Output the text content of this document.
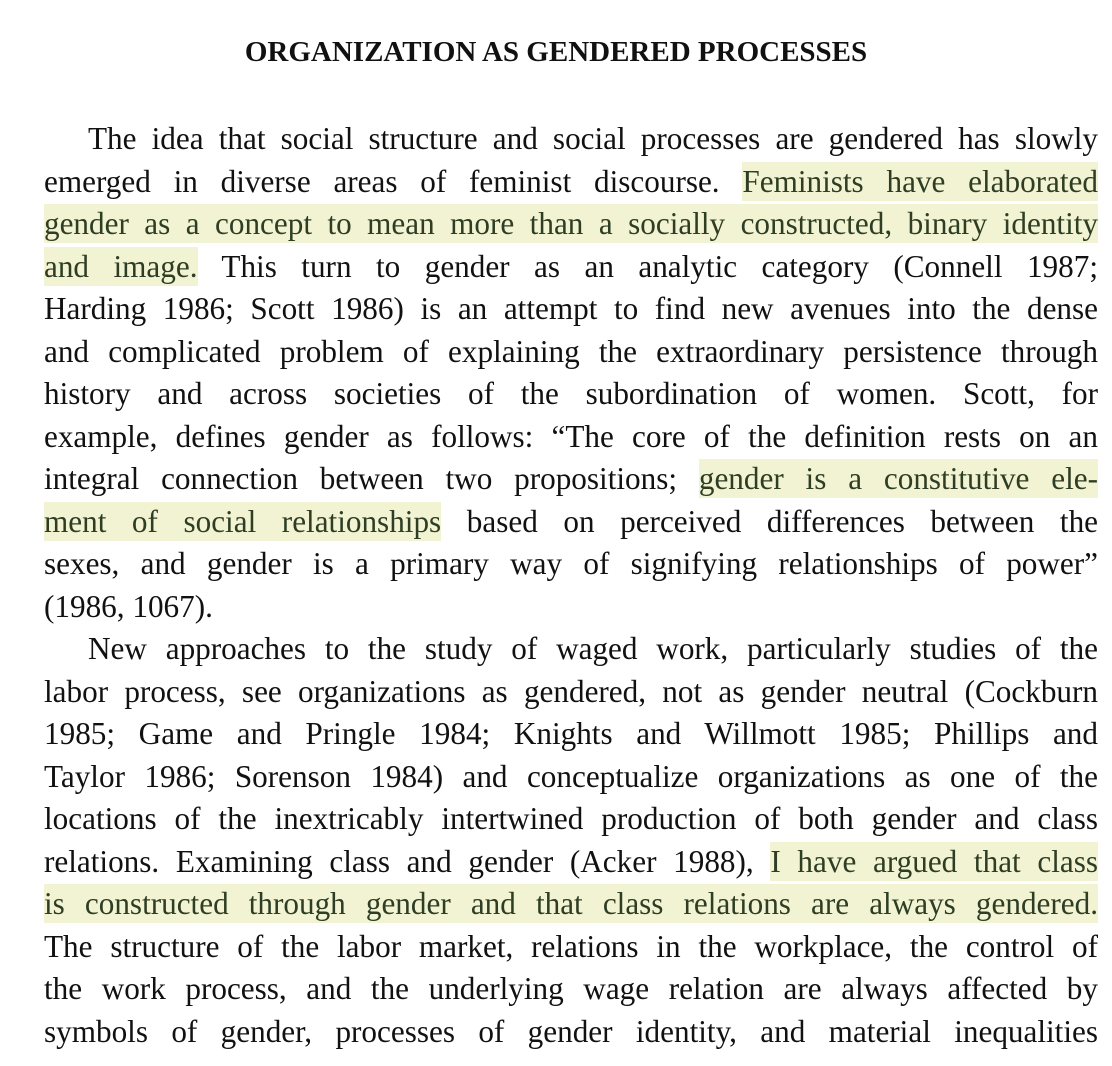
ORGANIZATION AS GENDERED PROCESSES
The idea that social structure and social processes are gendered has slowly
emerged in diverse areas of feminist discourse. Feminists have elaborated
gender as a concept to mean more than a socially constructed, binary identity
and image. This turn to gender as an analytic category (Connell 1987;
Harding 1986; Scott 1986) is an attempt to find new avenues into the dense
and complicated problem of explaining the extraordinary persistence through
history and across societies of the subordination of women. Scott, for
example, defines gender as follows: “The core of the definition rests on an
integral connection between two propositions; gender is a constitutive ele-
ment of social relationships based on perceived differences between the
sexes, and gender is a primary way of signifying relationships of power”
(1986, 1067).
New approaches to the study of waged work, particularly studies of the
labor process, see organizations as gendered, not as gender neutral (Cockburn
1985; Game and Pringle 1984; Knights and Willmott 1985; Phillips and
Taylor 1986; Sorenson 1984) and conceptualize organizations as one of the
locations of the inextricably intertwined production of both gender and class
relations. Examining class and gender (Acker 1988), I have argued that class
is constructed through gender and that class relations are always gendered.
The structure of the labor market, relations in the workplace, the control of
the work process, and the underlying wage relation are always affected by
symbols of gender, processes of gender identity, and material inequalities
